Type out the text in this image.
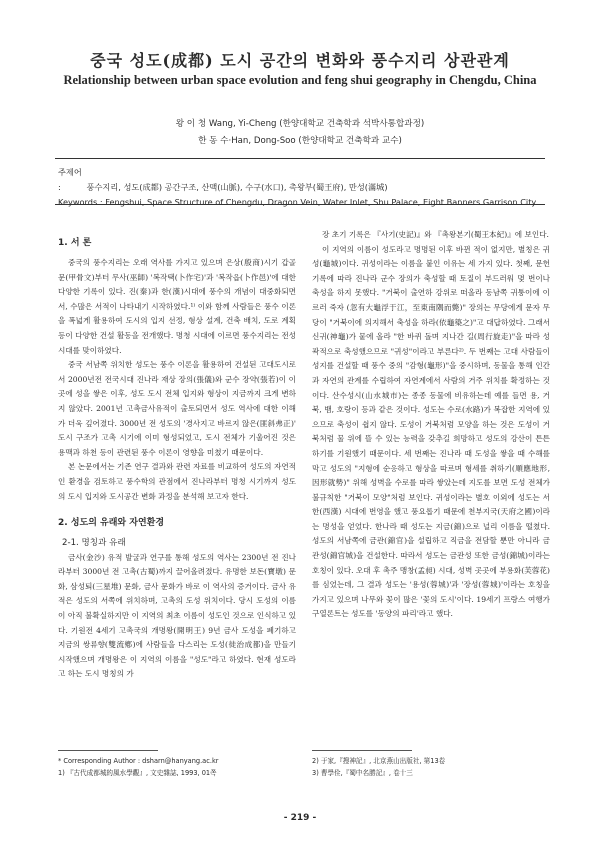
중국 성도(成都) 도시 공간의 변화와 풍수지리 상관관계
Relationship between urban space evolution and feng shui geography in Chengdu, China
왕 이 청 Wang, Yi-Cheng (한양대학교 건축학과 석박사통합과정)
한 동 수·Han, Dong-Soo (한양대학교 건축학과 교수)
주제어 :	풍수지리, 성도(成都) 공간구조, 산맥(山脈), 수구(水口), 촉왕부(蜀王府), 만성(滿城)
Keywords : Fengshui, Space Structure of Chengdu, Dragon Vein, Water Inlet, Shu Palace, Eight Banners Garrison City
1. 서 론

중국의 풍수지리는 오래 역사를 가지고 있으며 은상(殷商)시기 갑골문(甲骨文)부터 무사(巫師) '복작택(卜作宅)'과 '복작읍(卜作邑)'에 대한 다양한 기록이 있다. 진(秦)과 한(漢)시대에 풍수의 개념이 대중화되면서, 수많은 서적이 나타내기 시작하였다.¹⁾ 이와 함께 사람들은 풍수 이론을 폭넓게 활용하여 도시의 입지 선정, 형상 설계, 건축 배치, 도로 계획 등이 다양한 건설 활동을 전개했다. 명청 시대에 이르면 풍수지리는 전성시대를 맞이하였다.

중국 서남쪽 위치한 성도는 풍수 이론을 활용하여 건설된 고대도시로서 2000년전 전국시대 진나라 재상 장의(張儀)와 군수 장약(張若)이 이곳에 성을 쌓은 이후, 성도 도시 전체 입지와 형상이 지금까지 크게 변하지 않았다. 2001년 고촉금사유적이 출토되면서 성도 역사에 대한 이해가 더욱 깊어졌다. 3000년 전 성도의 '경사지고 바르지 않은(匪斜弗正)' 도시 구조가 고촉 시기에 이미 형성되었고, 도시 전체가 기울어진 것은 용맥과 하천 등이 관련된 풍수 이론이 영향을 미쳤기 때문이다.

본 논문에서는 기존 연구 결과와 관련 자료를 비교하여 성도의 자연적인 환경을 검토하고 풍수학의 관점에서 진나라부터 명청 시기까지 성도의 도시 입지와 도시공간 변화 과정을 분석해 보고자 한다.

2. 성도의 유래와 자연환경
2-1. 명칭과 유래

금사(金沙) 유적 발굴과 연구를 통해 성도의 역사는 2300년 전 진나라부터 3000년 전 고촉(古蜀)까지 끌어올려졌다. 유명한 보돈(寶墩) 문화, 삼성퇴(三星堆) 문화, 금사 문화가 바로 이 역사의 증거이다. 금사 유적은 성도의 서쪽에 위치하며, 고촉의 도성 위치이다. 당시 도성의 이름이 아직 불확실하지만 이 지역의 최초 이름이 성도인 것으로 인식하고 있다. 기원전 4세기 고촉국의 개명왕(開明王) 9년 금사 도성을 폐기하고 지금의 쌍류향(雙流鄕)에 사람들을 다스리는 도성(徙治成都)을 만들기 시작했으며 개명왕은 이 지역의 이름을 "성도"라고 하였다. 현재 성도라고 하는 도시 명칭의 가

장 초기 기록은 『사기(史記)』와 『촉왕본기(蜀王本紀)』에 보인다.

이 지역의 이름이 성도라고 명명된 이후 바뀐 적이 없지만, 별칭은 귀성(龜城)이다. 귀성이라는 이름을 붙인 이유는 세 가지 있다. 첫째, 문헌 기록에 따라 진나라 군수 장의가 축성할 때 토질이 부드러워 몇 번이나 축성을 하지 못했다. "거북이 출연하 강위로 떠올라 동남쪽 귀퉁이에 이르러 죽자 (忽有大龜浮于江，至東南隅而斃)" 장의는 무당에게 문자 무당이 "거북이에 의지해서 축성을 하라(依龜築之)"고 대답하였다. 그래서 신귀(神龜)가 뭍에 올라 "한 바퀴 돌며 지나간 길(周行旋走)"을 따라 성곽적으로 축성했으므로 "귀성"이라고 부른다²⁾. 두 번째는 고대 사람들이 성지를 건설할 때 풍수 중의 "감형(龜形)"을 중시하며, 동물을 통해 인간과 자연의 관계를 수립하여 자연계에서 사람의 거주 위치를 확정하는 것이다. 산수성시(山水城市)는 종종 동물에 비유하는데 예를 들면 용, 거북, 뱀, 호랑이 등과 같은 것이다. 성도는 수로(水路)가 복잡한 지역에 있으므로 축성이 쉽지 않다. 도성이 거북처럼 모양을 하는 것은 도성이 거북처럼 물 위에 뜰 수 있는 능력을 갖추길 희망하고 성도의 강산이 튼튼하기를 기원했기 때문이다. 세 번째는 진나라 때 도성을 쌓을 때 수해를 막고 성도의 "지형에 순응하고 형상을 따르며 형세를 취하기(順應地形, 因形就勢)" 위해 성벽을 수로를 따라 쌓았는데 지도를 보면 도성 전체가 불규칙한 "거북이 모양"처럼 보인다. 귀성이라는 별호 이외에 성도는 서한(西漢) 시대에 번영을 했고 풍요롭기 때문에 천부지국(天府之國)이라는 명성을 얻었다. 한나라 때 성도는 지금(錦)으로 널리 이름을 떨쳤다. 성도의 서남쪽에 금관(錦官)을 설립하고 직금을 전담할 뿐만 아니라 금관성(錦官城)을 건설한다. 따라서 성도는 금관성 또한 금성(錦城)이라는 호칭이 있다. 오대 후 촉주 맹창(孟昶) 시대, 성벽 곳곳에 부용화(芙蓉花)를 심었는데, 그 결과 성도는 '용성(蓉城)'과 '장성(蓉城)'이라는 호칭을 가지고 있으며 나무와 꽃이 많은 '꽃의 도시'이다. 19세기 프랑스 여행가 구열론트는 성도를 '동양의 파리'라고 했다.

* Corresponding Author : dsharn@hanyang.ac.kr
1) 『古代成都城的風水學觀』, 文史雜誌, 1993, 01쪽
2) 于家,『搜神記』, 北京燕山出版社, 第13卷
3) 曹學佺,『蜀中名勝記』, 卷十三
- 219 -
